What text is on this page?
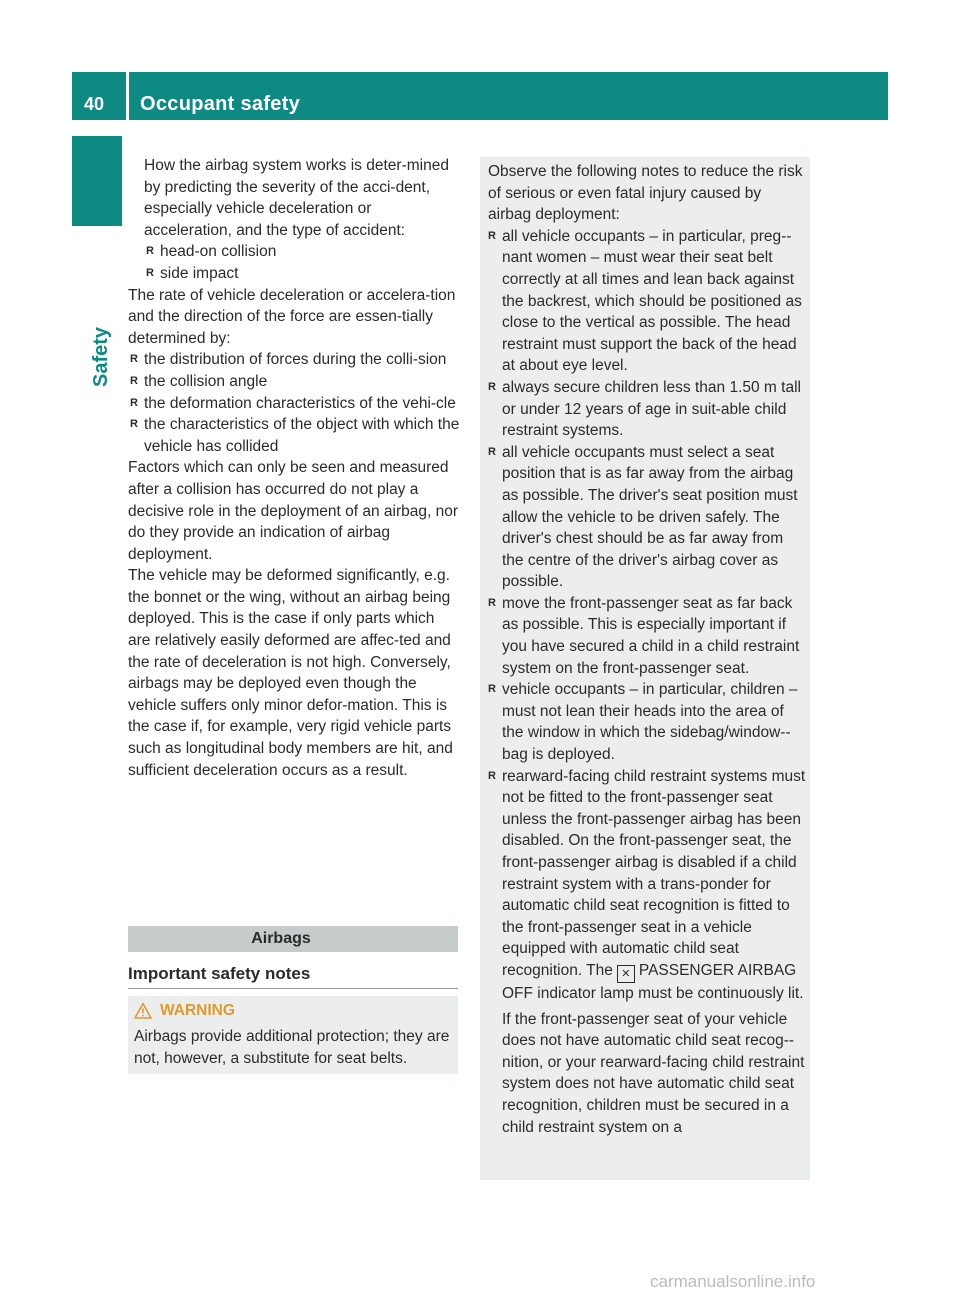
40	Occupant safety
Safety

How the airbag system works is deter-mined by predicting the severity of the acci-dent, especially vehicle deceleration or acceleration, and the type of accident:

R head-on collision
R side impact

The rate of vehicle deceleration or accelera-tion and the direction of the force are essen-tially determined by:

R the distribution of forces during the colli-sion
R the collision angle
R the deformation characteristics of the vehi-cle
R the characteristics of the object with which the vehicle has collided

Factors which can only be seen and measured after a collision has occurred do not play a decisive role in the deployment of an airbag, nor do they provide an indication of airbag deployment.

The vehicle may be deformed significantly, e.g. the bonnet or the wing, without an airbag being deployed. This is the case if only parts which are relatively easily deformed are affec-ted and the rate of deceleration is not high. Conversely, airbags may be deployed even though the vehicle suffers only minor defor-mation. This is the case if, for example, very rigid vehicle parts such as longitudinal body members are hit, and sufficient deceleration occurs as a result.

Airbags
Important safety notes
WARNING
Airbags provide additional protection; they are not, however, a substitute for seat belts.

Observe the following notes to reduce the risk of serious or even fatal injury caused by airbag deployment:

R all vehicle occupants – in particular, preg-nant women – must wear their seat belt correctly at all times and lean back against the backrest, which should be positioned as close to the vertical as possible. The head restraint must support the back of the head at about eye level.
R always secure children less than 1.50 m tall or under 12 years of age in suit-able child restraint systems.
R all vehicle occupants must select a seat position that is as far away from the airbag as possible. The driver's seat position must allow the vehicle to be driven safely. The driver's chest should be as far away from the centre of the driver's airbag cover as possible.
R move the front-passenger seat as far back as possible. This is especially important if you have secured a child in a child restraint system on the front-passenger seat.
R vehicle occupants – in particular, children – must not lean their heads into the area of the window in which the sidebag/window-bag is deployed.
R rearward-facing child restraint systems must not be fitted to the front-passenger seat unless the front-passenger airbag has been disabled. On the front-passenger seat, the front-passenger airbag is disabled if a child restraint system with a trans-ponder for automatic child seat recognition is fitted to the front-passenger seat in a vehicle equipped with automatic child seat recognition. The ✕ PASSENGER AIRBAG OFF indicator lamp must be continuously lit.

If the front-passenger seat of your vehicle does not have automatic child seat recog-nition, or your rearward-facing child restraint system does not have automatic child seat recognition, children must be secured in a child restraint system on a

carmanualsonline.info
